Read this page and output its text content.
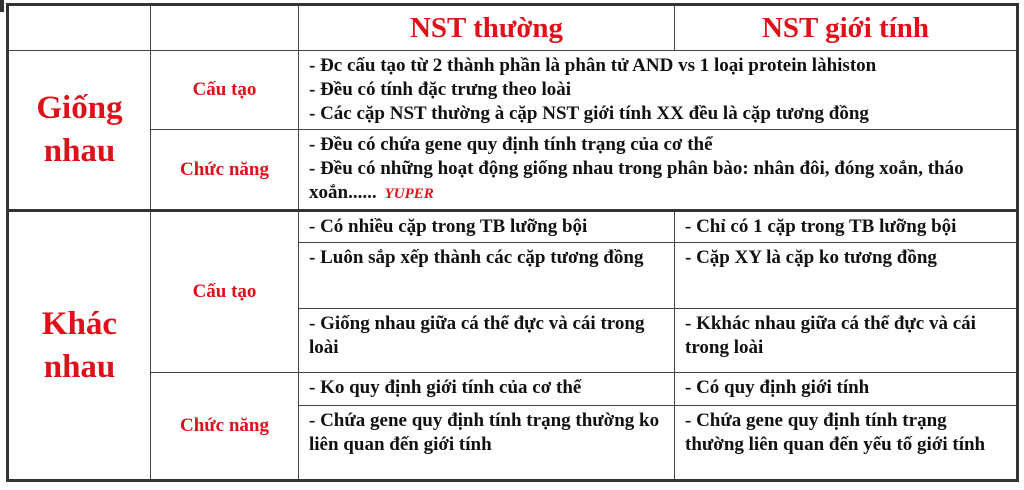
		NST thường	NST giới tính
Giống nhau	Cấu tạo	- Đc cấu tạo từ 2 thành phần là phân tử AND vs 1 loại protein làhiston
- Đều có tính đặc trưng theo loài
- Các cặp NST thường à cặp NST giới tính XX đều là cặp tương đồng	

	Chức năng	- Đều có chứa gene quy định tính trạng của cơ thể
- Đều có những hoạt động giống nhau trong phân bào: nhân đôi, đóng xoắn, tháo xoắn...... YUPER	

Khác nhau	Cấu tạo	- Có nhiều cặp trong TB lưỡng bội	- Chỉ có 1 cặp trong TB lưỡng bội
		- Luôn sắp xếp thành các cặp tương đồng	- Cặp XY là cặp ko tương đồng
		- Giống nhau giữa cá thể đực và cái trong loài	- Kkhác nhau giữa cá thể đực và cái trong loài
	Chức năng	- Ko quy định giới tính của cơ thể	- Có quy định giới tính
		- Chứa gene quy định tính trạng thường ko liên quan đến giới tính	- Chứa gene quy định tính trạng thường liên quan đến yếu tố giới tính
